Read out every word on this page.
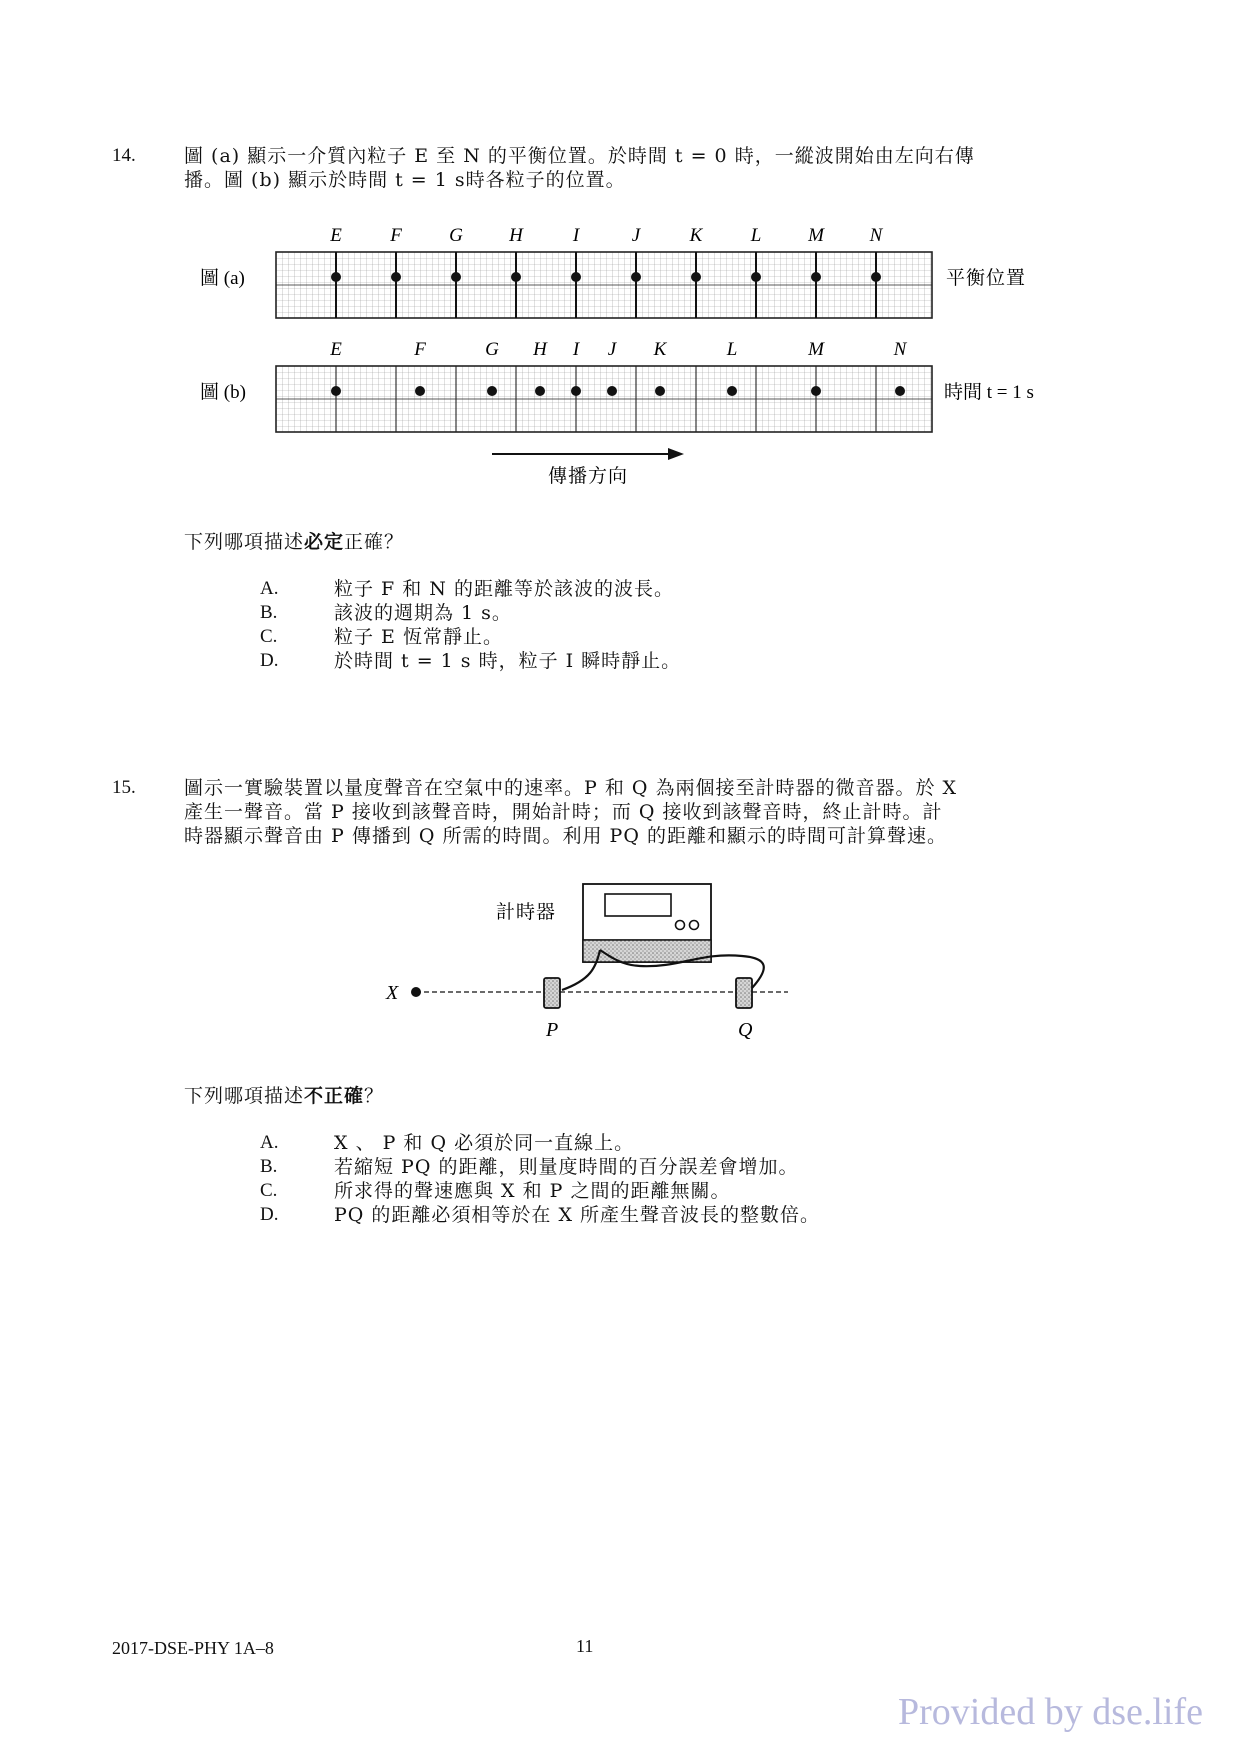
14.	圖 (a) 顯示一介質內粒子 E 至 N 的平衡位置。於時間 t = 0 時，一縱波開始由左向右傳
播。圖 (b) 顯示於時間 t = 1 s時各粒子的位置。
E	F G H	I	J	K	L M N
E	F	G H I J K	L	M	N
圖 (a)
圖 (b)
平衡位置
時間 t = 1 s
傳播方向
下列哪項描述必定正確？
A.	粒子 F 和 N 的距離等於該波的波長。
B.	該波的週期為 1 s。
C.	粒子 E 恆常靜止。
D.	於時間 t = 1 s 時，粒子 I 瞬時靜止。
15.	圖示一實驗裝置以量度聲音在空氣中的速率。P 和 Q 為兩個接至計時器的微音器。於 X
產生一聲音。當 P 接收到該聲音時，開始計時；而 Q 接收到該聲音時，終止計時。計
時器顯示聲音由 P 傳播到 Q 所需的時間。利用 PQ 的距離和顯示的時間可計算聲速。
計時器
X
P	Q
下列哪項描述不正確？
A.	X 、 P 和 Q 必須於同一直線上。
B.	若縮短 PQ 的距離，則量度時間的百分誤差會增加。
C.	所求得的聲速應與 X 和 P 之間的距離無關。
D.	PQ 的距離必須相等於在 X 所產生聲音波長的整數倍。
2017-DSE-PHY 1A–8	11
Provided by dse.life
